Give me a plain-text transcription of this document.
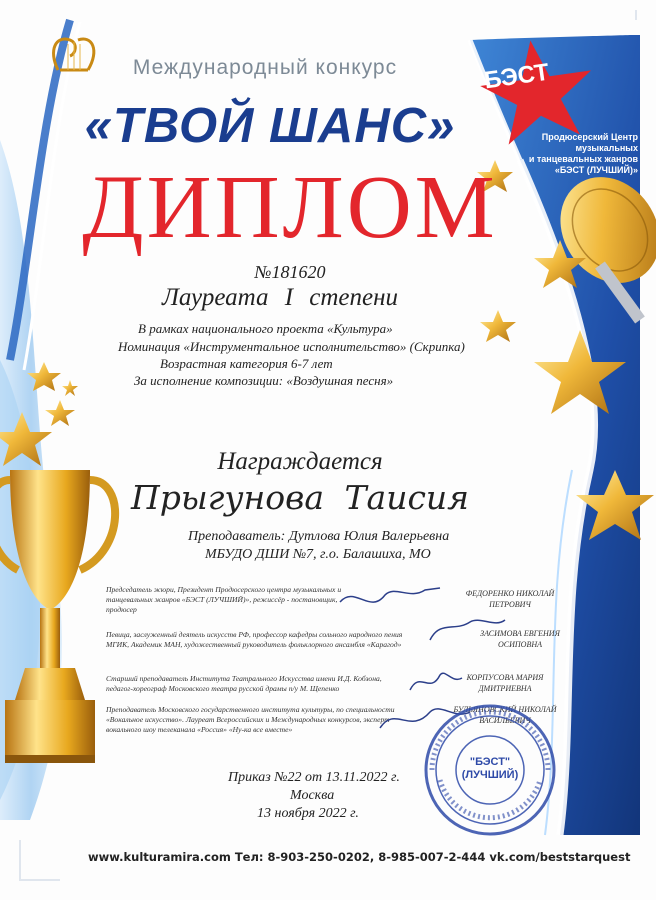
БЭСТ
Продюсерский Центр
музыкальных
и танцевальных жанров
«БЭСТ (ЛУЧШИЙ)»
Международный конкурс
«ТВОЙ ШАНС»
ДИПЛОМ
№181620
Лауреата I степени
В рамках национального проекта «Культура»
Номинация «Инструментальное исполнительство» (Скрипка)
Возрастная категория 6-7 лет
За исполнение композиции: «Воздушная песня»
Награждается
Прыгунова Таисия
Преподаватель: Дутлова Юлия Валерьевна
МБУДО ДШИ №7, г.о. Балашиха, МО
Председатель жюри, Президент Продюсерского центра музыкальных и танцевальных жанров «БЭСТ (ЛУЧШИЙ)», режиссёр - постановщик, продюсер
ФЕДОРЕНКО НИКОЛАЙ ПЕТРОВИЧ
Певица, заслуженный деятель искусств РФ, профессор кафедры сольного народного пения МГИК, Академик МАН, художественный руководитель фольклорного ансамбля «Карагод»
ЗАСИМОВА ЕВГЕНИЯ ОСИПОВНА
Старший преподаватель Института Театрального Искусства имени И.Д. Кобзона, педагог-хореограф Московского театра русской драмы п/у М. Щепенко
КОРПУСОВА МАРИЯ ДМИТРИЕВНА
Преподаватель Московского государственного института культуры, по специальности «Вокальное искусство». Лауреат Всероссийских и Международных конкурсов, эксперт вокального шоу телеканала «Россия» «Ну-ка все вместе»
БУЛЬЯНОВСКИЙ НИКОЛАЙ ВАСИЛЬЕВИЧ
"БЭСТ"
(ЛУЧШИЙ)
Приказ №22 от 13.11.2022 г.
Москва
13 ноября 2022 г.
www.kulturamira.com Тел: 8-903-250-0202, 8-985-007-2-444 vk.com/beststarquest
